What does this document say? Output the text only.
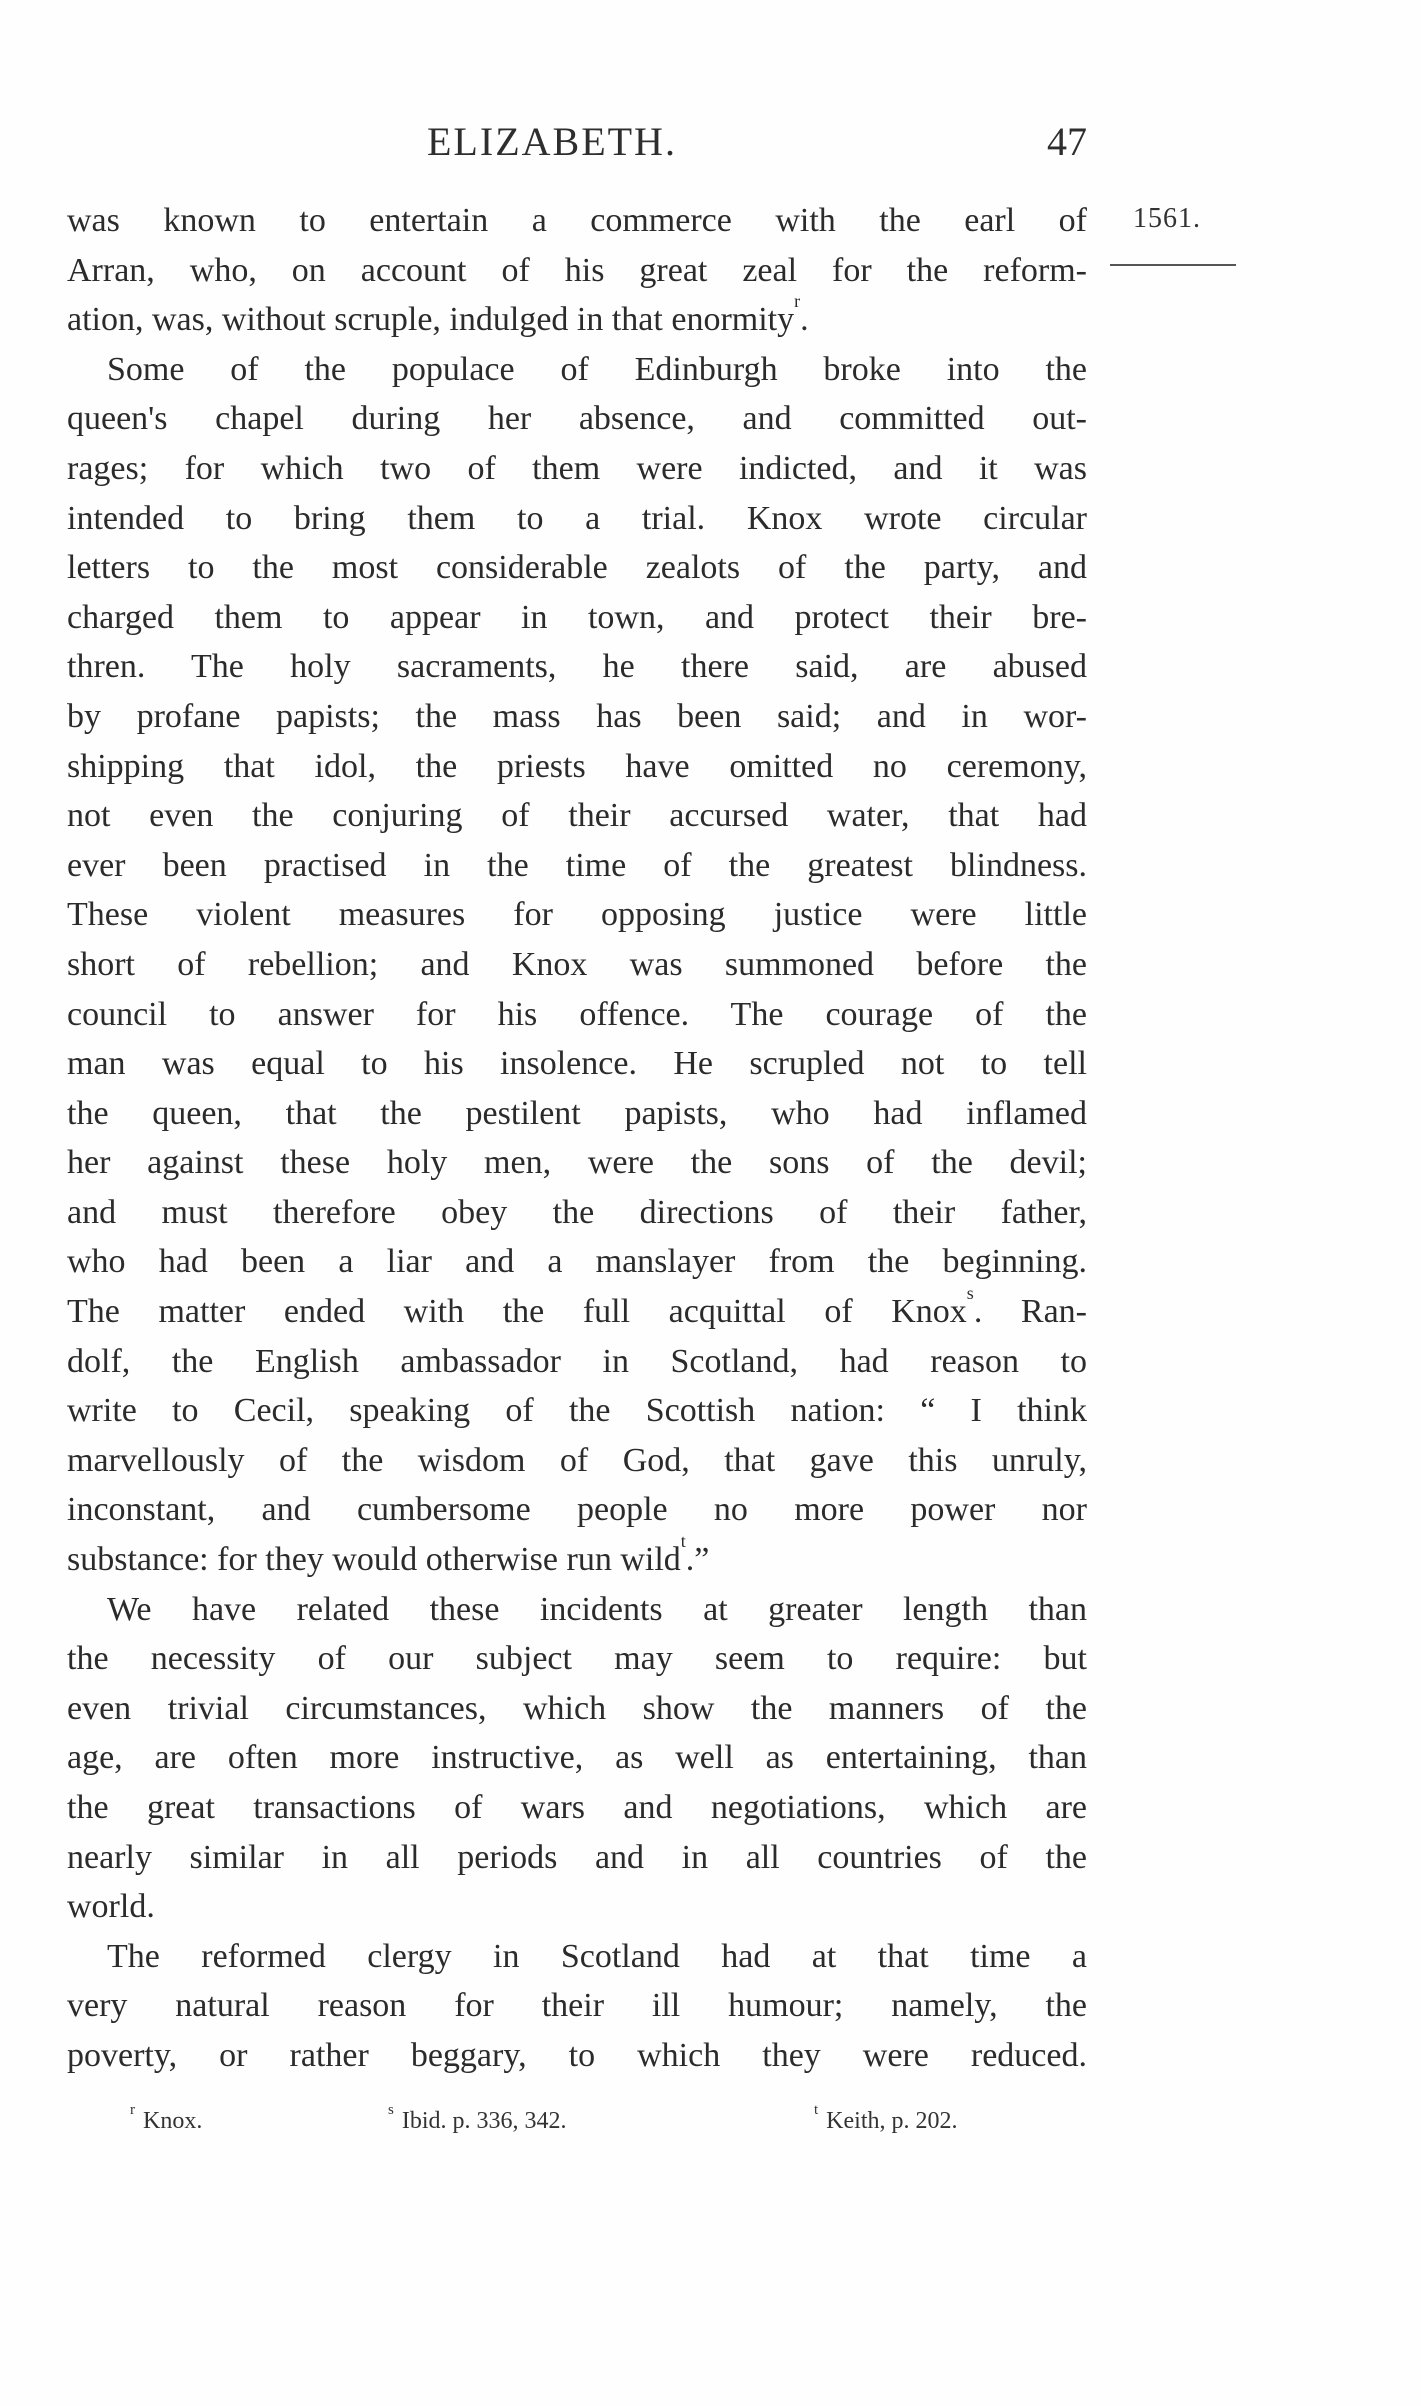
ELIZABETH.	47
1561.

was known to entertain a commerce with the earl of
Arran, who, on account of his great zeal for the reform-
ation, was, without scruple, indulged in that enormity$^r$.

Some of the populace of Edinburgh broke into the
queen's chapel during her absence, and committed out-
rages; for which two of them were indicted, and it was
intended to bring them to a trial. Knox wrote circular
letters to the most considerable zealots of the party, and
charged them to appear in town, and protect their bre-
thren. The holy sacraments, he there said, are abused
by profane papists; the mass has been said; and in wor-
shipping that idol, the priests have omitted no ceremony,
not even the conjuring of their accursed water, that had
ever been practised in the time of the greatest blindness.
These violent measures for opposing justice were little
short of rebellion; and Knox was summoned before the
council to answer for his offence. The courage of the
man was equal to his insolence. He scrupled not to tell
the queen, that the pestilent papists, who had inflamed
her against these holy men, were the sons of the devil;
and must therefore obey the directions of their father,
who had been a liar and a manslayer from the beginning.
The matter ended with the full acquittal of Knox$^s$. Ran-
dolf, the English ambassador in Scotland, had reason to
write to Cecil, speaking of the Scottish nation: “ I think
marvellously of the wisdom of God, that gave this unruly,
inconstant, and cumbersome people no more power nor
substance: for they would otherwise run wild$^t$.”

We have related these incidents at greater length than
the necessity of our subject may seem to require: but
even trivial circumstances, which show the manners of the
age, are often more instructive, as well as entertaining, than
the great transactions of wars and negotiations, which are
nearly similar in all periods and in all countries of the
world.

The reformed clergy in Scotland had at that time a
very natural reason for their ill humour; namely, the
poverty, or rather beggary, to which they were reduced.

$^r$ Knox.	$^s$ Ibid. p. 336, 342.	$^t$ Keith, p. 202.
